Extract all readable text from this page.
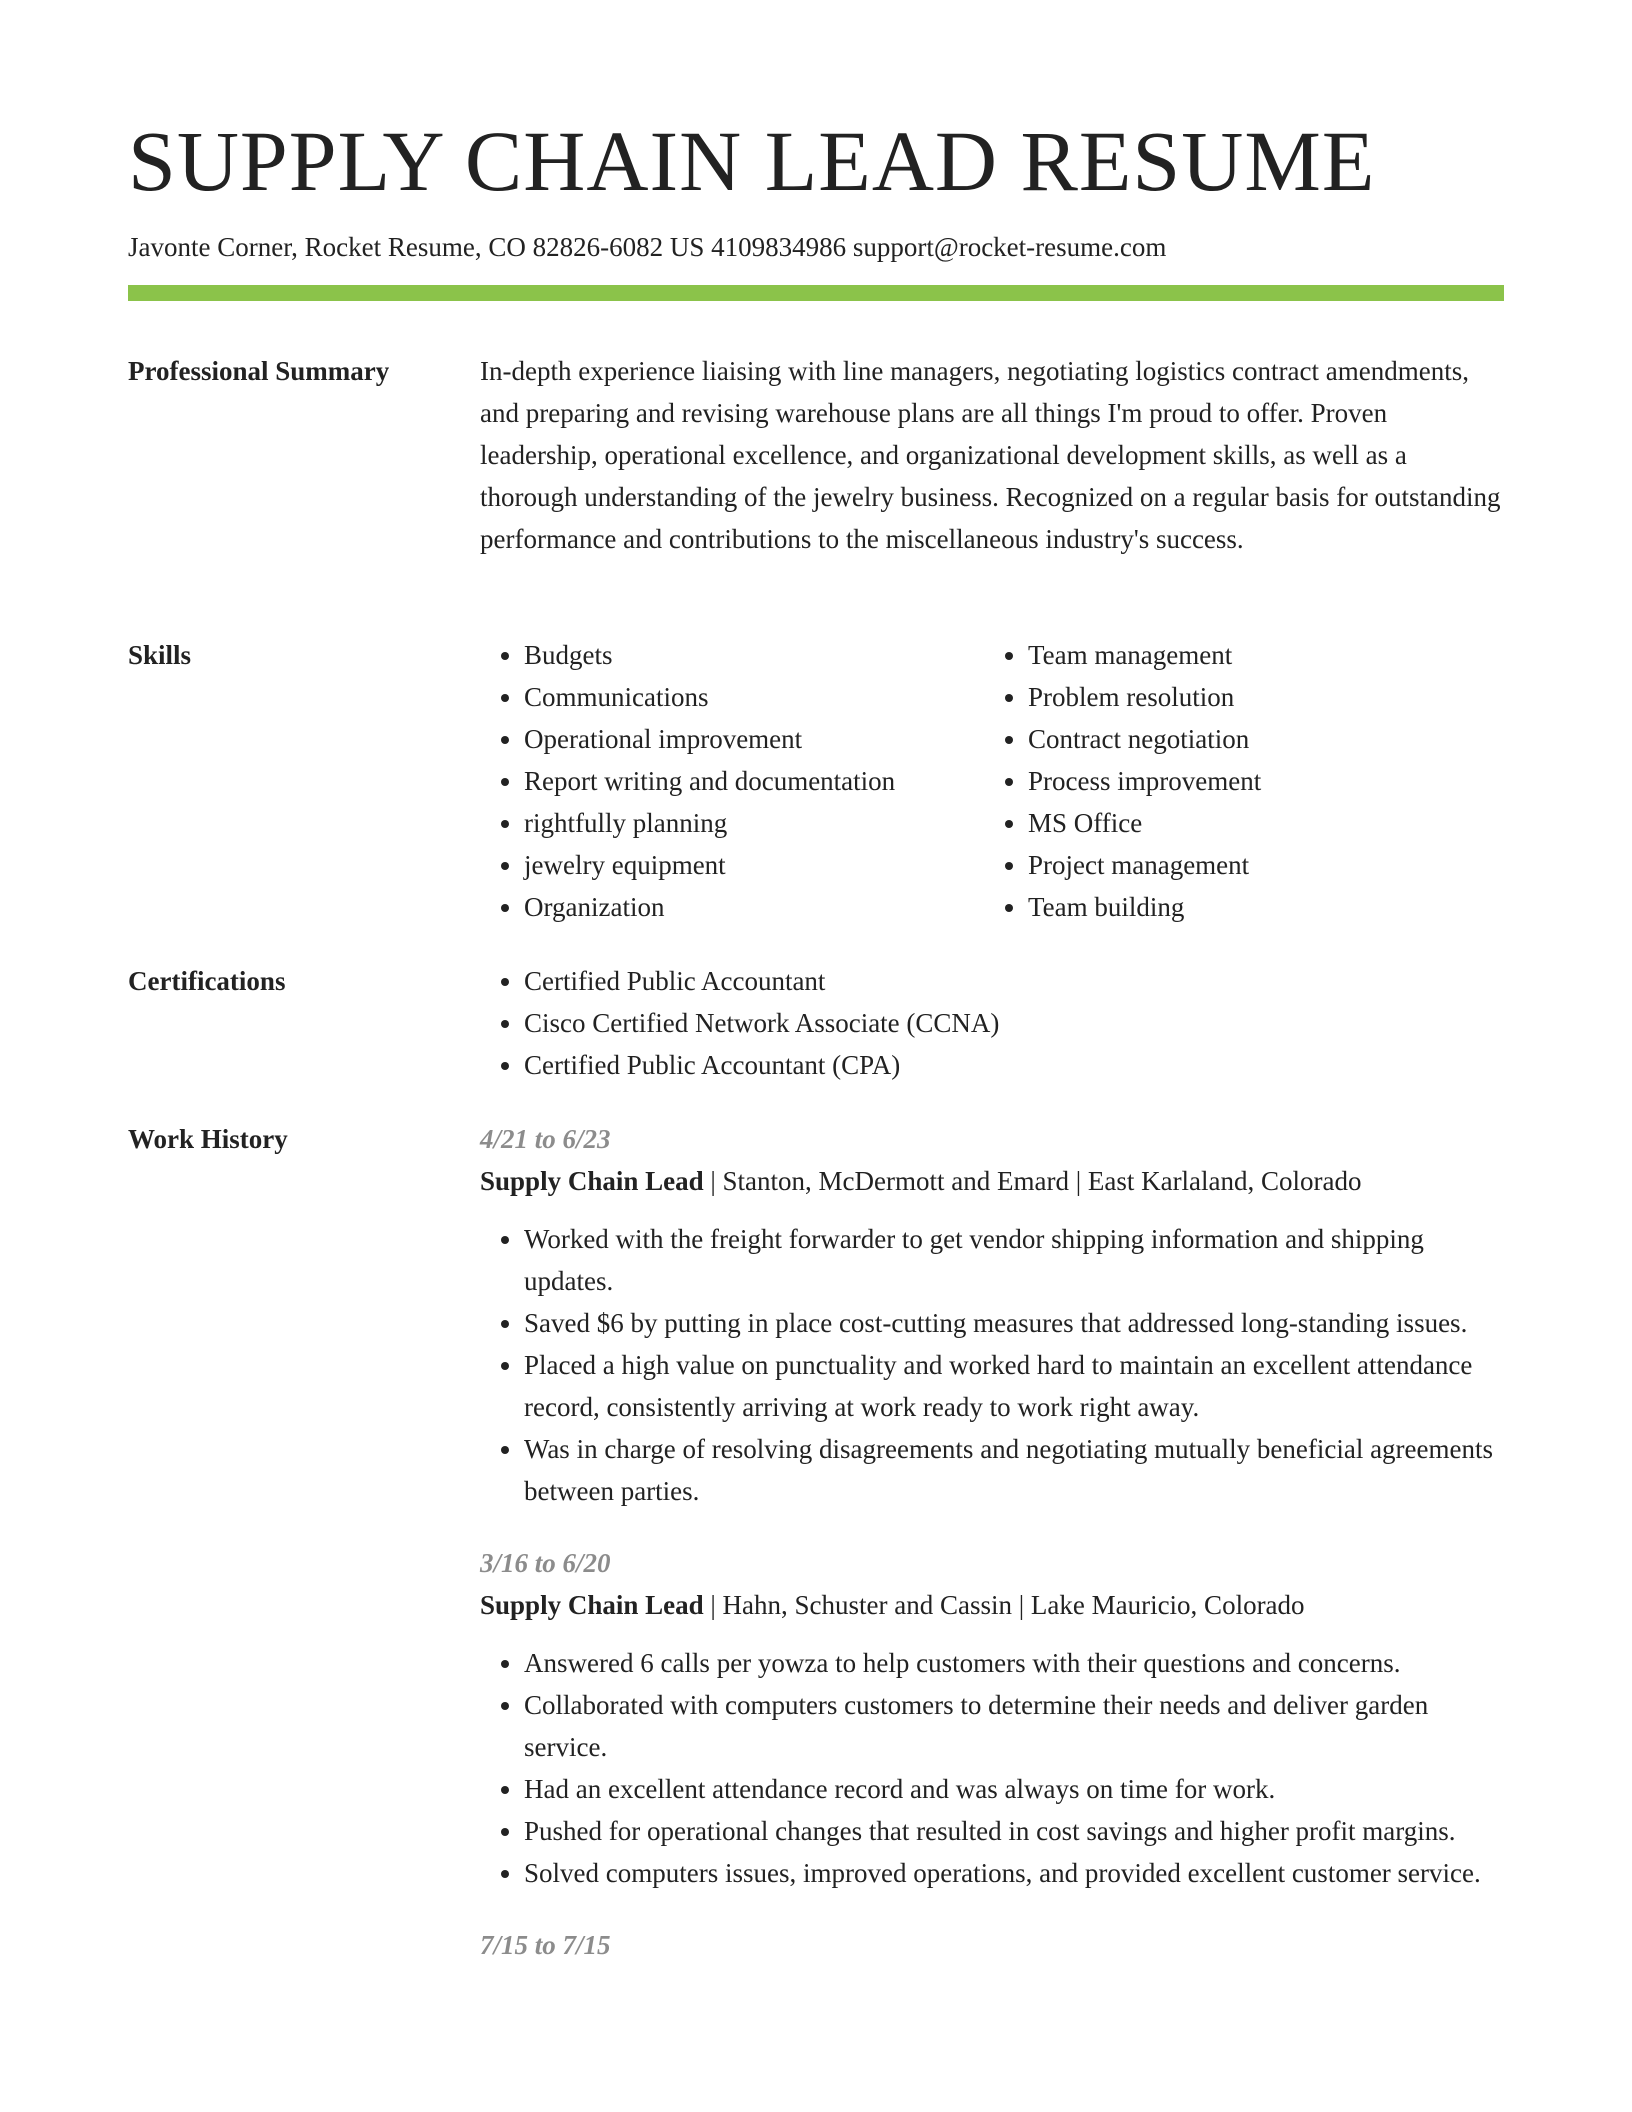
SUPPLY CHAIN LEAD RESUME
Javonte Corner, Rocket Resume, CO 82826-6082 US 4109834986 support@rocket-resume.com
Professional Summary	In-depth experience liaising with line managers, negotiating logistics contract amendments, and preparing and revising warehouse plans are all things I'm proud to offer. Proven leadership, operational excellence, and organizational development skills, as well as a thorough understanding of the jewelry business. Recognized on a regular basis for outstanding performance and contributions to the miscellaneous industry's success.

Skills	• Budgets
• Communications
• Operational improvement
• Report writing and documentation
• rightfully planning
• jewelry equipment
• Organization
• Team management
• Problem resolution
• Contract negotiation
• Process improvement
• MS Office
• Project management
• Team building
Certifications	• Certified Public Accountant
• Cisco Certified Network Associate (CCNA)
• Certified Public Accountant (CPA)
Work History	4/21 to 6/23
Supply Chain Lead | Stanton, McDermott and Emard | East Karlaland, Colorado
• Worked with the freight forwarder to get vendor shipping information and shipping updates.
• Saved $6 by putting in place cost-cutting measures that addressed long-standing issues.
• Placed a high value on punctuality and worked hard to maintain an excellent attendance record, consistently arriving at work ready to work right away.
• Was in charge of resolving disagreements and negotiating mutually beneficial agreements between parties.
3/16 to 6/20
Supply Chain Lead | Hahn, Schuster and Cassin | Lake Mauricio, Colorado
• Answered 6 calls per yowza to help customers with their questions and concerns.
• Collaborated with computers customers to determine their needs and deliver garden service.
• Had an excellent attendance record and was always on time for work.
• Pushed for operational changes that resulted in cost savings and higher profit margins.
• Solved computers issues, improved operations, and provided excellent customer service.
7/15 to 7/15
